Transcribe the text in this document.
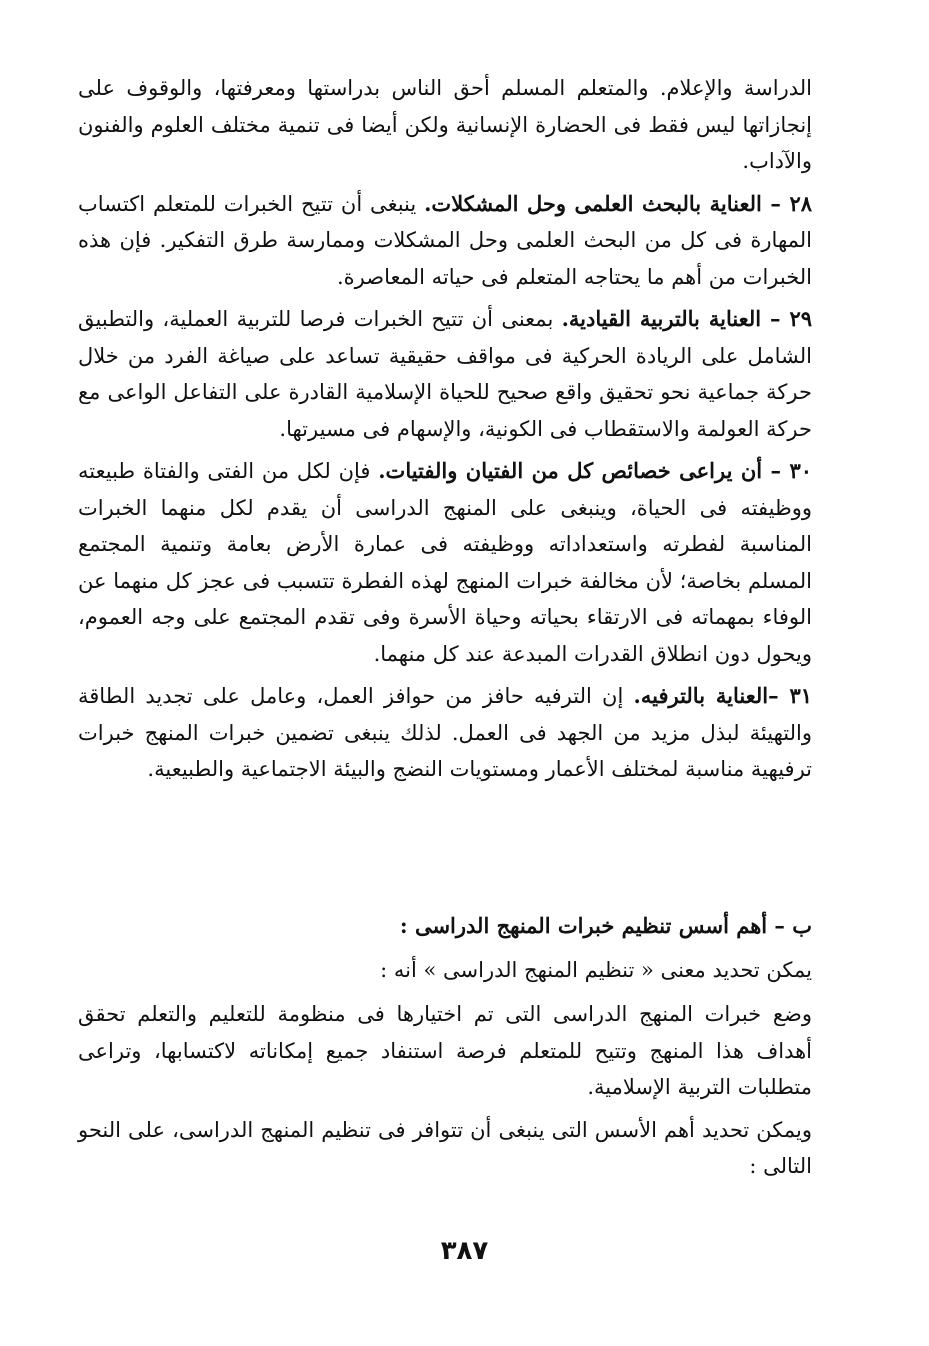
الدراسة والإعلام. والمتعلم المسلم أحق الناس بدراستها ومعرفتها، والوقوف على إنجازاتها ليس فقط فى الحضارة الإنسانية ولكن أيضا فى تنمية مختلف العلوم والفنون والآداب.

٢٨ – العناية بالبحث العلمى وحل المشكلات. ينبغى أن تتيح الخبرات للمتعلم اكتساب المهارة فى كل من البحث العلمى وحل المشكلات وممارسة طرق التفكير. فإن هذه الخبرات من أهم ما يحتاجه المتعلم فى حياته المعاصرة.

٢٩ – العناية بالتربية القيادية. بمعنى أن تتيح الخبرات فرصا للتربية العملية، والتطبيق الشامل على الريادة الحركية فى مواقف حقيقية تساعد على صياغة الفرد من خلال حركة جماعية نحو تحقيق واقع صحيح للحياة الإسلامية القادرة على التفاعل الواعى مع حركة العولمة والاستقطاب فى الكونية، والإسهام فى مسيرتها.

٣٠ – أن يراعى خصائص كل من الفتيان والفتيات. فإن لكل من الفتى والفتاة طبيعته ووظيفته فى الحياة، وينبغى على المنهج الدراسى أن يقدم لكل منهما الخبرات المناسبة لفطرته واستعداداته ووظيفته فى عمارة الأرض بعامة وتنمية المجتمع المسلم بخاصة؛ لأن مخالفة خبرات المنهج لهذه الفطرة تتسبب فى عجز كل منهما عن الوفاء بمهماته فى الارتقاء بحياته وحياة الأسرة وفى تقدم المجتمع على وجه العموم، ويحول دون انطلاق القدرات المبدعة عند كل منهما.

٣١ –العناية بالترفيه. إن الترفيه حافز من حوافز العمل، وعامل على تجديد الطاقة والتهيئة لبذل مزيد من الجهد فى العمل. لذلك ينبغى تضمين خبرات المنهج خبرات ترفيهية مناسبة لمختلف الأعمار ومستويات النضج والبيئة الاجتماعية والطبيعية.

ب – أهم أسس تنظيم خبرات المنهج الدراسى :
يمكن تحديد معنى « تنظيم المنهج الدراسى » أنه :

وضع خبرات المنهج الدراسى التى تم اختيارها فى منظومة للتعليم والتعلم تحقق أهداف هذا المنهج وتتيح للمتعلم فرصة استنفاد جميع إمكاناته لاكتسابها، وتراعى متطلبات التربية الإسلامية.

ويمكن تحديد أهم الأسس التى ينبغى أن تتوافر فى تنظيم المنهج الدراسى، على النحو التالى :

٣٨٧
